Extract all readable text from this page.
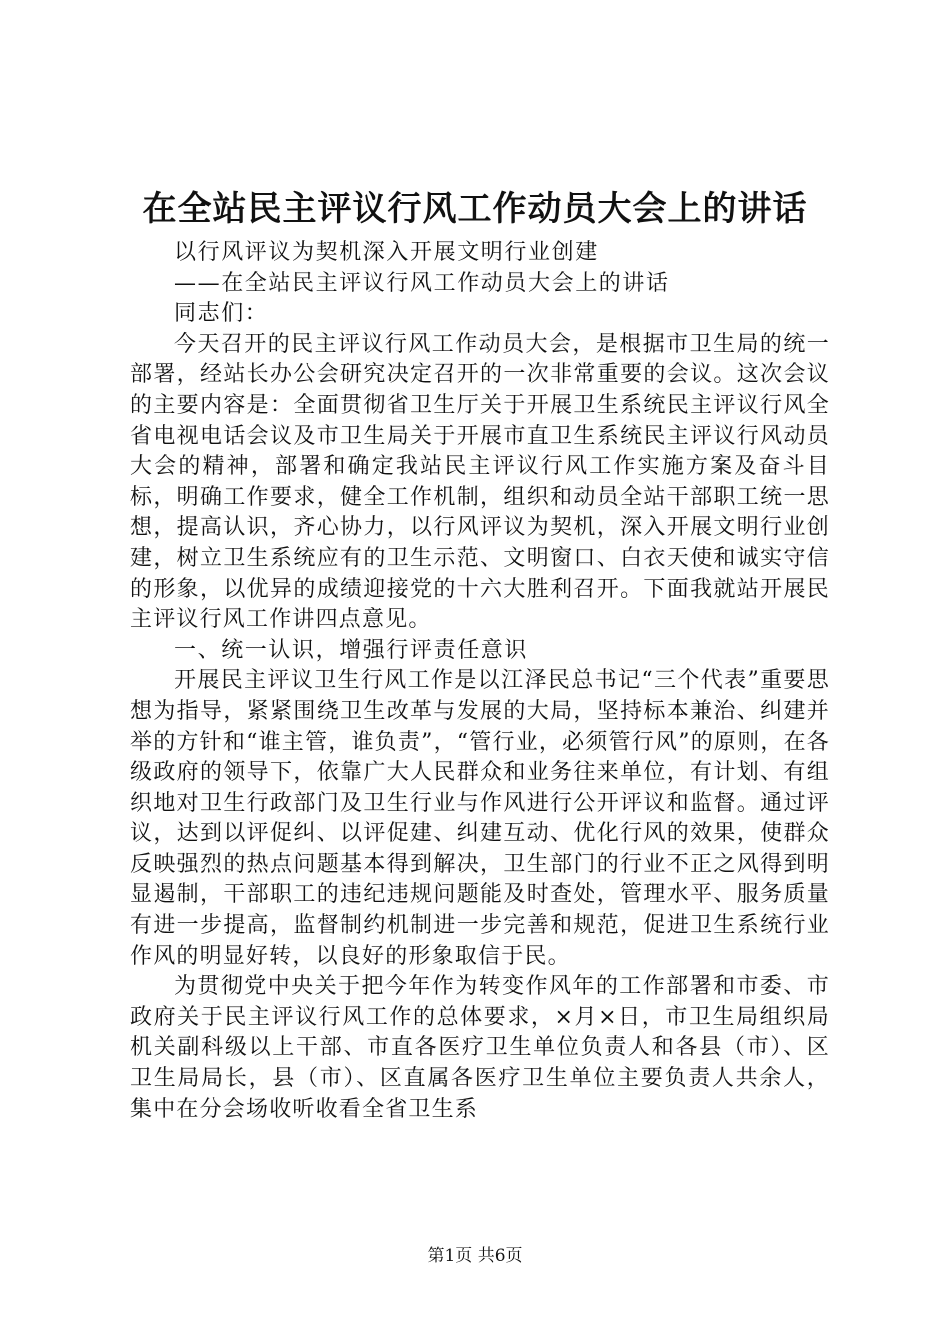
在全站民主评议行风工作动员大会上的讲话

以行风评议为契机深入开展文明行业创建

——在全站民主评议行风工作动员大会上的讲话

同志们：

今天召开的民主评议行风工作动员大会，是根据市卫生局的统一部署，经站长办公会研究决定召开的一次非常重要的会议。这次会议的主要内容是：全面贯彻省卫生厅关于开展卫生系统民主评议行风全省电视电话会议及市卫生局关于开展市直卫生系统民主评议行风动员大会的精神，部署和确定我站民主评议行风工作实施方案及奋斗目标，明确工作要求，健全工作机制，组织和动员全站干部职工统一思想，提高认识，齐心协力，以行风评议为契机，深入开展文明行业创建，树立卫生系统应有的卫生示范、文明窗口、白衣天使和诚实守信的形象，以优异的成绩迎接党的十六大胜利召开。下面我就站开展民主评议行风工作讲四点意见。

一、统一认识，增强行评责任意识

开展民主评议卫生行风工作是以江泽民总书记“三个代表”重要思想为指导，紧紧围绕卫生改革与发展的大局，坚持标本兼治、纠建并举的方针和“谁主管，谁负责”，“管行业，必须管行风”的原则，在各级政府的领导下，依靠广大人民群众和业务往来单位，有计划、有组织地对卫生行政部门及卫生行业与作风进行公开评议和监督。通过评议，达到以评促纠、以评促建、纠建互动、优化行风的效果，使群众反映强烈的热点问题基本得到解决，卫生部门的行业不正之风得到明显遏制，干部职工的违纪违规问题能及时查处，管理水平、服务质量有进一步提高，监督制约机制进一步完善和规范，促进卫生系统行业作风的明显好转，以良好的形象取信于民。

为贯彻党中央关于把今年作为转变作风年的工作部署和市委、市政府关于民主评议行风工作的总体要求，×月×日，市卫生局组织局机关副科级以上干部、市直各医疗卫生单位负责人和各县（市）、区卫生局局长，县（市）、区直属各医疗卫生单位主要负责人共余人，集中在分会场收听收看全省卫生系

第1页 共6页
